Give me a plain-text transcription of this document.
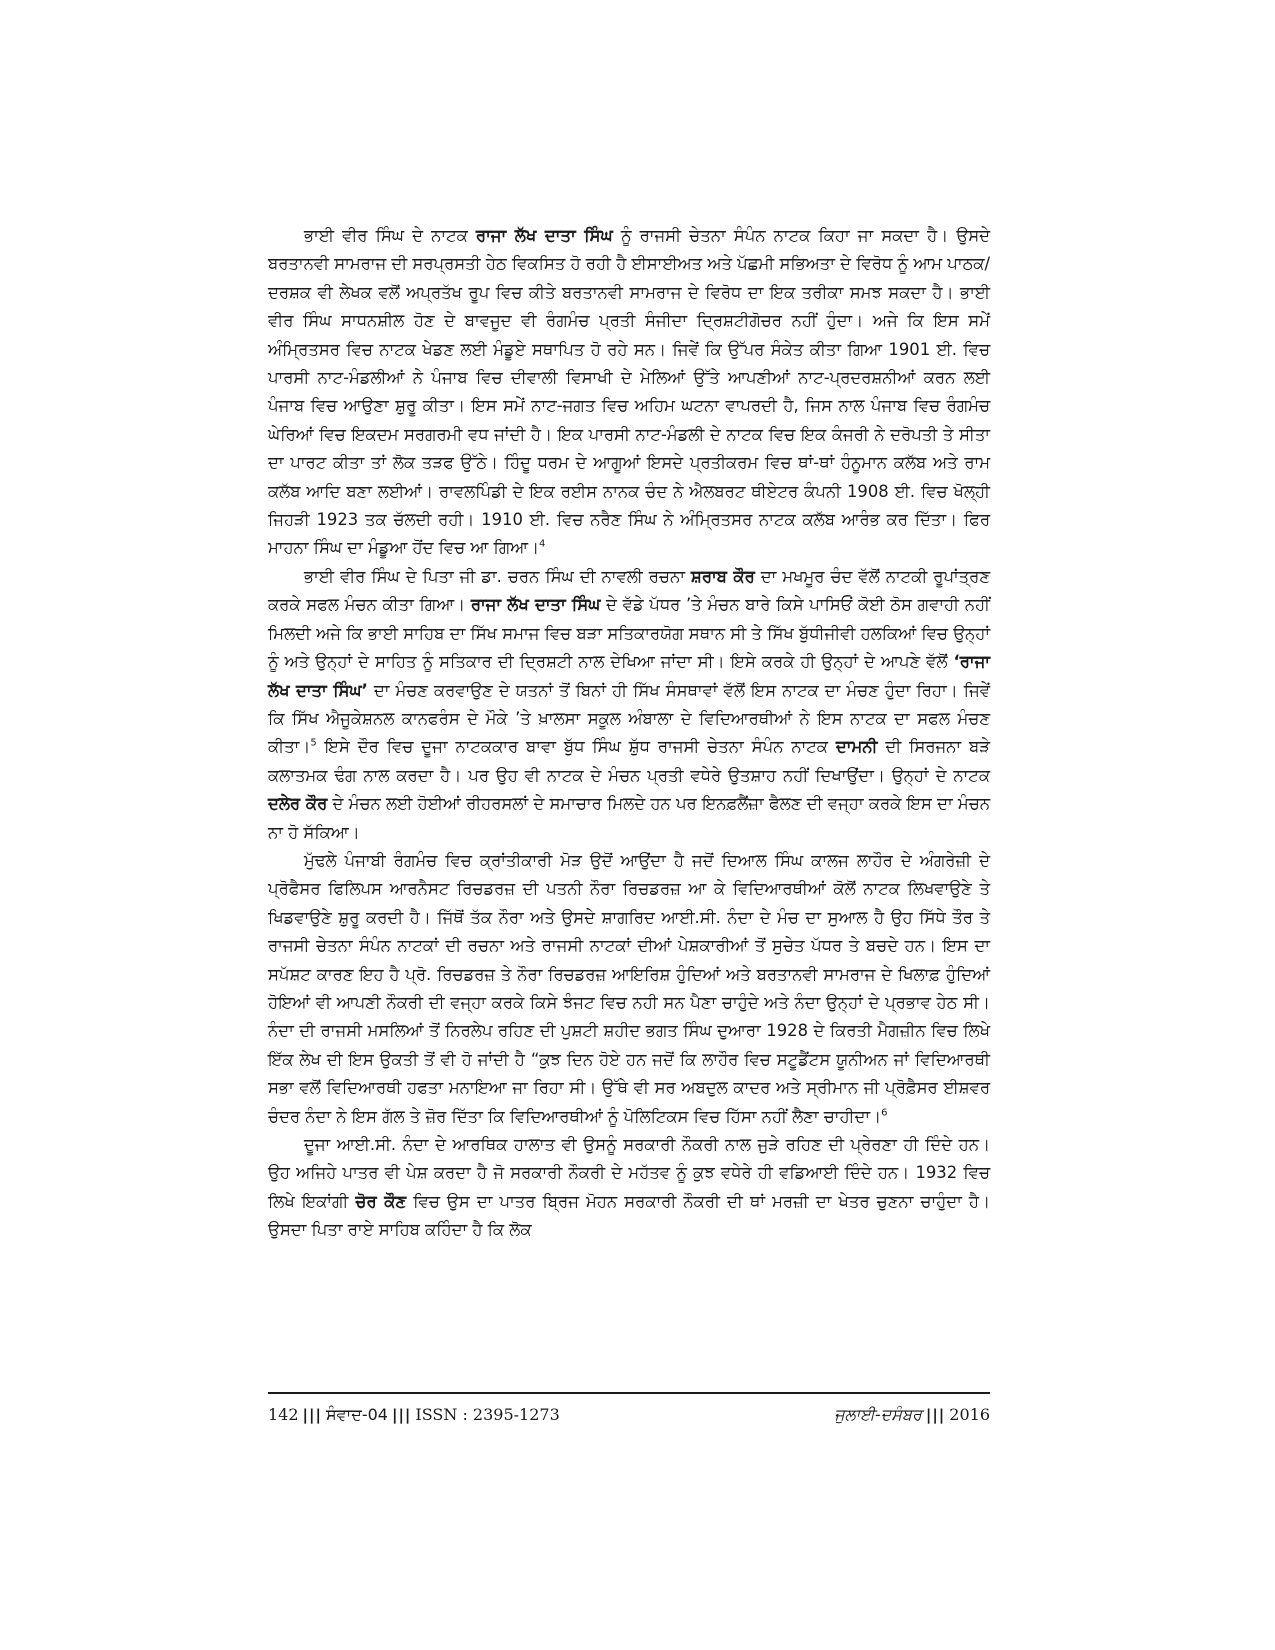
ਭਾਈ ਵੀਰ ਸਿੰਘ ਦੇ ਨਾਟਕ ਰਾਜਾ ਲੱਖ ਦਾਤਾ ਸਿੰਘ ਨੂੰ ਰਾਜਸੀ ਚੇਤਨਾ ਸੰਪੰਨ ਨਾਟਕ ਕਿਹਾ ਜਾ ਸਕਦਾ ਹੈ। ਉਸਦੇ ਬਰਤਾਨਵੀ ਸਾਮਰਾਜ ਦੀ ਸਰਪ੍ਰਸਤੀ ਹੇਠ ਵਿਕਸਿਤ ਹੋ ਰਹੀ ਹੈ ਈਸਾਈਅਤ ਅਤੇ ਪੱਛਮੀ ਸਭਿਅਤਾ ਦੇ ਵਿਰੋਧ ਨੂੰ ਆਮ ਪਾਠਕ/ਦਰਸ਼ਕ ਵੀ ਲੇਖਕ ਵਲੋਂ ਅਪ੍ਰਤੱਖ ਰੂਪ ਵਿਚ ਕੀਤੇ ਬਰਤਾਨਵੀ ਸਾਮਰਾਜ ਦੇ ਵਿਰੋਧ ਦਾ ਇਕ ਤਰੀਕਾ ਸਮਝ ਸਕਦਾ ਹੈ। ਭਾਈ ਵੀਰ ਸਿੰਘ ਸਾਧਨਸ਼ੀਲ ਹੋਣ ਦੇ ਬਾਵਜੂਦ ਵੀ ਰੰਗਮੰਚ ਪ੍ਰਤੀ ਸੰਜੀਦਾ ਦ੍ਰਿਸ਼ਟੀਗੋਚਰ ਨਹੀਂ ਹੁੰਦਾ। ਅਜੇ ਕਿ ਇਸ ਸਮੇਂ ਅੰਮ੍ਰਿਤਸਰ ਵਿਚ ਨਾਟਕ ਖੇਡਣ ਲਈ ਮੰਡੂਏ ਸਥਾਪਿਤ ਹੋ ਰਹੇ ਸਨ। ਜਿਵੇਂ ਕਿ ਉੱਪਰ ਸੰਕੇਤ ਕੀਤਾ ਗਿਆ 1901 ਈ. ਵਿਚ ਪਾਰਸੀ ਨਾਟ-ਮੰਡਲੀਆਂ ਨੇ ਪੰਜਾਬ ਵਿਚ ਦੀਵਾਲੀ ਵਿਸਾਖੀ ਦੇ ਮੇਲਿਆਂ ਉੱਤੇ ਆਪਣੀਆਂ ਨਾਟ-ਪ੍ਰਦਰਸ਼ਨੀਆਂ ਕਰਨ ਲਈ ਪੰਜਾਬ ਵਿਚ ਆਉਣਾ ਸ਼ੁਰੂ ਕੀਤਾ। ਇਸ ਸਮੇਂ ਨਾਟ-ਜਗਤ ਵਿਚ ਅਹਿਮ ਘਟਨਾ ਵਾਪਰਦੀ ਹੈ, ਜਿਸ ਨਾਲ ਪੰਜਾਬ ਵਿਚ ਰੰਗਮੰਚ ਘੇਰਿਆਂ ਵਿਚ ਇਕਦਮ ਸਰਗਰਮੀ ਵਧ ਜਾਂਦੀ ਹੈ। ਇਕ ਪਾਰਸੀ ਨਾਟ-ਮੰਡਲੀ ਦੇ ਨਾਟਕ ਵਿਚ ਇਕ ਕੰਜਰੀ ਨੇ ਦਰੋਪਤੀ ਤੇ ਸੀਤਾ ਦਾ ਪਾਰਟ ਕੀਤਾ ਤਾਂ ਲੋਕ ਤੜਫ ਉੱਠੇ। ਹਿੰਦੂ ਧਰਮ ਦੇ ਆਗੂਆਂ ਇਸਦੇ ਪ੍ਰਤੀਕਰਮ ਵਿਚ ਥਾਂ-ਥਾਂ ਹੰਨੂਮਾਨ ਕਲੱਬ ਅਤੇ ਰਾਮ ਕਲੱਬ ਆਦਿ ਬਣਾ ਲਈਆਂ। ਰਾਵਲਪਿੰਡੀ ਦੇ ਇਕ ਰਈਸ ਨਾਨਕ ਚੰਦ ਨੇ ਐਲਬਰਟ ਥੀਏਟਰ ਕੰਪਨੀ 1908 ਈ. ਵਿਚ ਖੋਲ੍ਹੀ ਜਿਹੜੀ 1923 ਤਕ ਚੱਲਦੀ ਰਹੀ। 1910 ਈ. ਵਿਚ ਨਰੈਣ ਸਿੰਘ ਨੇ ਅੰਮ੍ਰਿਤਸਰ ਨਾਟਕ ਕਲੱਬ ਆਰੰਭ ਕਰ ਦਿੱਤਾ। ਫਿਰ ਮਾਹਨਾ ਸਿੰਘ ਦਾ ਮੰਡੂਆ ਹੋਂਦ ਵਿਚ ਆ ਗਿਆ।$^4$

ਭਾਈ ਵੀਰ ਸਿੰਘ ਦੇ ਪਿਤਾ ਜੀ ਡਾ. ਚਰਨ ਸਿੰਘ ਦੀ ਨਾਵਲੀ ਰਚਨਾ ਸ਼ਰਾਬ ਕੌਰ ਦਾ ਮਖਮੂਰ ਚੰਦ ਵੱਲੋਂ ਨਾਟਕੀ ਰੂਪਾਂਤ੍ਰਣ ਕਰਕੇ ਸਫਲ ਮੰਚਨ ਕੀਤਾ ਗਿਆ। ਰਾਜਾ ਲੱਖ ਦਾਤਾ ਸਿੰਘ ਦੇ ਵੱਡੇ ਪੱਧਰ ’ਤੇ ਮੰਚਨ ਬਾਰੇ ਕਿਸੇ ਪਾਸਿਓਂ ਕੋਈ ਠੋਸ ਗਵਾਹੀ ਨਹੀਂ ਮਿਲਦੀ ਅਜੇ ਕਿ ਭਾਈ ਸਾਹਿਬ ਦਾ ਸਿੱਖ ਸਮਾਜ ਵਿਚ ਬੜਾ ਸਤਿਕਾਰਯੋਗ ਸਥਾਨ ਸੀ ਤੇ ਸਿੱਖ ਬੁੱਧੀਜੀਵੀ ਹਲਕਿਆਂ ਵਿਚ ਉਨ੍ਹਾਂ ਨੂੰ ਅਤੇ ਉਨ੍ਹਾਂ ਦੇ ਸਾਹਿਤ ਨੂੰ ਸਤਿਕਾਰ ਦੀ ਦ੍ਰਿਸ਼ਟੀ ਨਾਲ ਦੇਖਿਆ ਜਾਂਦਾ ਸੀ। ਇਸੇ ਕਰਕੇ ਹੀ ਉਨ੍ਹਾਂ ਦੇ ਆਪਣੇ ਵੱਲੋਂ ‘ਰਾਜਾ ਲੱਖ ਦਾਤਾ ਸਿੰਘ’ ਦਾ ਮੰਚਣ ਕਰਵਾਉਣ ਦੇ ਯਤਨਾਂ ਤੋਂ ਬਿਨਾਂ ਹੀ ਸਿੱਖ ਸੰਸਥਾਵਾਂ ਵੱਲੋਂ ਇਸ ਨਾਟਕ ਦਾ ਮੰਚਣ ਹੁੰਦਾ ਰਿਹਾ। ਜਿਵੇਂ ਕਿ ਸਿੱਖ ਐਜੂਕੇਸ਼ਨਲ ਕਾਨਫਰੰਸ ਦੇ ਮੌਕੇ ’ਤੇ ਖ਼ਾਲਸਾ ਸਕੂਲ ਅੰਬਾਲਾ ਦੇ ਵਿਦਿਆਰਥੀਆਂ ਨੇ ਇਸ ਨਾਟਕ ਦਾ ਸਫਲ ਮੰਚਣ ਕੀਤਾ।$^5$ ਇਸੇ ਦੌਰ ਵਿਚ ਦੂਜਾ ਨਾਟਕਕਾਰ ਬਾਵਾ ਬੁੱਧ ਸਿੰਘ ਸ਼ੁੱਧ ਰਾਜਸੀ ਚੇਤਨਾ ਸੰਪੰਨ ਨਾਟਕ ਦਾਮਨੀ ਦੀ ਸਿਰਜਨਾ ਬੜੇ ਕਲਾਤਮਕ ਢੰਗ ਨਾਲ ਕਰਦਾ ਹੈ। ਪਰ ਉਹ ਵੀ ਨਾਟਕ ਦੇ ਮੰਚਨ ਪ੍ਰਤੀ ਵਧੇਰੇ ਉਤਸ਼ਾਹ ਨਹੀਂ ਦਿਖਾਉਂਦਾ। ਉਨ੍ਹਾਂ ਦੇ ਨਾਟਕ ਦਲੇਰ ਕੌਰ ਦੇ ਮੰਚਨ ਲਈ ਹੋਈਆਂ ਰੀਹਰਸਲਾਂ ਦੇ ਸਮਾਚਾਰ ਮਿਲਦੇ ਹਨ ਪਰ ਇਨਫ਼ਲੈਂਜ਼ਾ ਫੈਲਣ ਦੀ ਵਜ੍ਹਾ ਕਰਕੇ ਇਸ ਦਾ ਮੰਚਨ ਨਾ ਹੋ ਸੱਕਿਆ।

ਮੁੱਢਲੇ ਪੰਜਾਬੀ ਰੰਗਮੰਚ ਵਿਚ ਕ੍ਰਾਂਤੀਕਾਰੀ ਮੋੜ ਉਦੋਂ ਆਉਂਦਾ ਹੈ ਜਦੋਂ ਦਿਆਲ ਸਿੰਘ ਕਾਲਜ ਲਾਹੌਰ ਦੇ ਅੰਗਰੇਜ਼ੀ ਦੇ ਪ੍ਰੋਫੈਸਰ ਫਿਲਿਪਸ ਆਰਨੈਸਟ ਰਿਚਡਰਜ਼ ਦੀ ਪਤਨੀ ਨੌਰਾ ਰਿਚਡਰਜ਼ ਆ ਕੇ ਵਿਦਿਆਰਥੀਆਂ ਕੋਲੋਂ ਨਾਟਕ ਲਿਖਵਾਉਣੇ ਤੇ ਖਿਡਵਾਉਣੇ ਸ਼ੁਰੂ ਕਰਦੀ ਹੈ। ਜਿੱਥੋਂ ਤੱਕ ਨੌਰਾ ਅਤੇ ਉਸਦੇ ਸ਼ਾਗਰਿਦ ਆਈ.ਸੀ. ਨੰਦਾ ਦੇ ਮੰਚ ਦਾ ਸੁਆਲ ਹੈ ਉਹ ਸਿੱਧੇ ਤੌਰ ਤੇ ਰਾਜਸੀ ਚੇਤਨਾ ਸੰਪੰਨ ਨਾਟਕਾਂ ਦੀ ਰਚਨਾ ਅਤੇ ਰਾਜਸੀ ਨਾਟਕਾਂ ਦੀਆਂ ਪੇਸ਼ਕਾਰੀਆਂ ਤੋਂ ਸੁਚੇਤ ਪੱਧਰ ਤੇ ਬਚਦੇ ਹਨ। ਇਸ ਦਾ ਸਪੱਸ਼ਟ ਕਾਰਣ ਇਹ ਹੈ ਪ੍ਰੋ. ਰਿਚਡਰਜ਼ ਤੇ ਨੌਰਾ ਰਿਚਡਰਜ਼ ਆਇਰਿਸ਼ ਹੁੰਦਿਆਂ ਅਤੇ ਬਰਤਾਨਵੀ ਸਾਮਰਾਜ ਦੇ ਖਿਲਾਫ਼ ਹੁੰਦਿਆਂ ਹੋਇਆਂ ਵੀ ਆਪਣੀ ਨੌਕਰੀ ਦੀ ਵਜ੍ਹਾ ਕਰਕੇ ਕਿਸੇ ਝੰਜਟ ਵਿਚ ਨਹੀ ਸਨ ਪੈਣਾ ਚਾਹੁੰਦੇ ਅਤੇ ਨੰਦਾ ਉਨ੍ਹਾਂ ਦੇ ਪ੍ਰਭਾਵ ਹੇਠ ਸੀ। ਨੰਦਾ ਦੀ ਰਾਜਸੀ ਮਸਲਿਆਂ ਤੋਂ ਨਿਰਲੇਪ ਰਹਿਣ ਦੀ ਪੁਸ਼ਟੀ ਸ਼ਹੀਦ ਭਗਤ ਸਿੰਘ ਦੁਆਰਾ 1928 ਦੇ ਕਿਰਤੀ ਮੈਗਜ਼ੀਨ ਵਿਚ ਲਿਖੇ ਇੱਕ ਲੇਖ ਦੀ ਇਸ ਉਕਤੀ ਤੋਂ ਵੀ ਹੋ ਜਾਂਦੀ ਹੈ “ਕੁਝ ਦਿਨ ਹੋਏ ਹਨ ਜਦੋਂ ਕਿ ਲਾਹੌਰ ਵਿਚ ਸਟੂਡੈਂਟਸ ਯੂਨੀਅਨ ਜਾਂ ਵਿਦਿਆਰਥੀ ਸਭਾ ਵਲੋਂ ਵਿਦਿਆਰਥੀ ਹਫਤਾ ਮਨਾਇਆ ਜਾ ਰਿਹਾ ਸੀ। ਉੱਥੇ ਵੀ ਸਰ ਅਬਦੁਲ ਕਾਦਰ ਅਤੇ ਸ੍ਰੀਮਾਨ ਜੀ ਪ੍ਰੋਫ਼ੈਸਰ ਈਸ਼ਵਰ ਚੰਦਰ ਨੰਦਾ ਨੇ ਇਸ ਗੱਲ ਤੇ ਜ਼ੋਰ ਦਿੱਤਾ ਕਿ ਵਿਦਿਆਰਥੀਆਂ ਨੂੰ ਪੋਲਿਟਿਕਸ ਵਿਚ ਹਿੱਸਾ ਨਹੀਂ ਲੈਣਾ ਚਾਹੀਦਾ।$^6$

ਦੂਜਾ ਆਈ.ਸੀ. ਨੰਦਾ ਦੇ ਆਰਥਿਕ ਹਾਲਾਤ ਵੀ ਉਸਨੂੰ ਸਰਕਾਰੀ ਨੌਕਰੀ ਨਾਲ ਜੁੜੇ ਰਹਿਣ ਦੀ ਪ੍ਰੇਰਣਾ ਹੀ ਦਿੰਦੇ ਹਨ। ਉਹ ਅਜਿਹੇ ਪਾਤਰ ਵੀ ਪੇਸ਼ ਕਰਦਾ ਹੈ ਜੋ ਸਰਕਾਰੀ ਨੌਕਰੀ ਦੇ ਮਹੱਤਵ ਨੂੰ ਕੁਝ ਵਧੇਰੇ ਹੀ ਵਡਿਆਈ ਦਿੰਦੇ ਹਨ। 1932 ਵਿਚ ਲਿਖੇ ਇਕਾਂਗੀ ਚੋਰ ਕੌਣ ਵਿਚ ਉਸ ਦਾ ਪਾਤਰ ਬ੍ਰਿਜ ਮੋਹਨ ਸਰਕਾਰੀ ਨੌਕਰੀ ਦੀ ਥਾਂ ਮਰਜ਼ੀ ਦਾ ਖੇਤਰ ਚੁਣਨਾ ਚਾਹੁੰਦਾ ਹੈ। ਉਸਦਾ ਪਿਤਾ ਰਾਏ ਸਾਹਿਬ ਕਹਿੰਦਾ ਹੈ ਕਿ ਲੋਕ

142 ||| ਸੰਵਾਦ-04 ||| ISSN : 2395-1273	ਜੁਲਾਈ-ਦਸੰਬਰ ||| 2016
